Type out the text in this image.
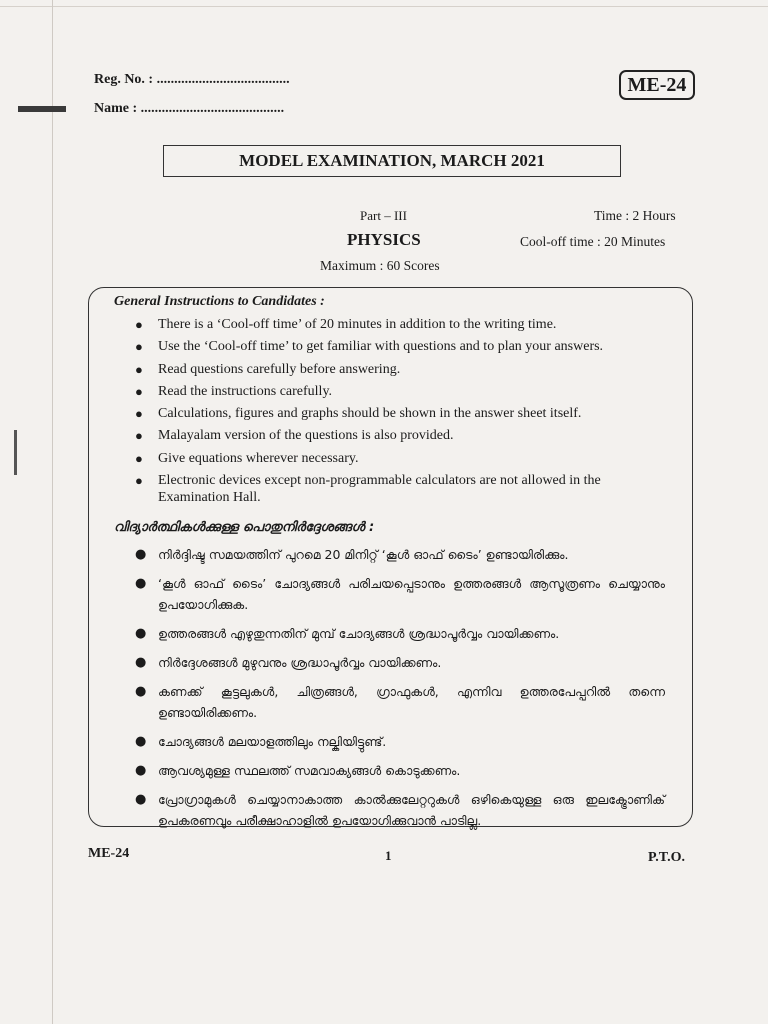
Reg. No. : ......................................
Name : .........................................
ME-24
MODEL EXAMINATION, MARCH 2021
Part – III
PHYSICS
Maximum : 60 Scores
Time : 2 Hours
Cool-off time : 20 Minutes
General Instructions to Candidates :
● There is a ‘Cool-off time’ of 20 minutes in addition to the writing time.
● Use the ‘Cool-off time’ to get familiar with questions and to plan your answers.
● Read questions carefully before answering.
● Read the instructions carefully.
● Calculations, figures and graphs should be shown in the answer sheet itself.
● Malayalam version of the questions is also provided.
● Give equations wherever necessary.
● Electronic devices except non-programmable calculators are not allowed in the Examination Hall.
വിദ്യാർത്ഥികൾക്കുള്ള പൊതുനിർദ്ദേശങ്ങൾ :
● നിർദ്ദിഷ്ട സമയത്തിന് പുറമെ 20 മിനിറ്റ് ‘കൂൾ ഓഫ് ടൈം’ ഉണ്ടായിരിക്കും.
● ‘കൂൾ ഓഫ് ടൈം’ ചോദ്യങ്ങൾ പരിചയപ്പെടാനും ഉത്തരങ്ങൾ ആസൂത്രണം ചെയ്യാനും ഉപയോഗിക്കുക.
● ഉത്തരങ്ങൾ എഴുതുന്നതിന് മുമ്പ് ചോദ്യങ്ങൾ ശ്രദ്ധാപൂർവ്വം വായിക്കണം.
● നിർദ്ദേശങ്ങൾ മുഴുവനും ശ്രദ്ധാപൂർവ്വം വായിക്കണം.
● കണക്ക് കൂട്ടലുകൾ, ചിത്രങ്ങൾ, ഗ്രാഫുകൾ, എന്നിവ ഉത്തരപേപ്പറിൽ തന്നെ ഉണ്ടായിരിക്കണം.
● ചോദ്യങ്ങൾ മലയാളത്തിലും നല്കിയിട്ടുണ്ട്.
● ആവശ്യമുള്ള സ്ഥലത്ത് സമവാക്യങ്ങൾ കൊടുക്കണം.
● പ്രോഗ്രാമുകൾ ചെയ്യാനാകാത്ത കാൽക്കുലേറ്ററുകൾ ഒഴികെയുള്ള ഒരു ഇലക്ട്രോണിക് ഉപകരണവും പരീക്ഷാഹാളിൽ ഉപയോഗിക്കുവാൻ പാടില്ല.
ME-24	1	P.T.O.
